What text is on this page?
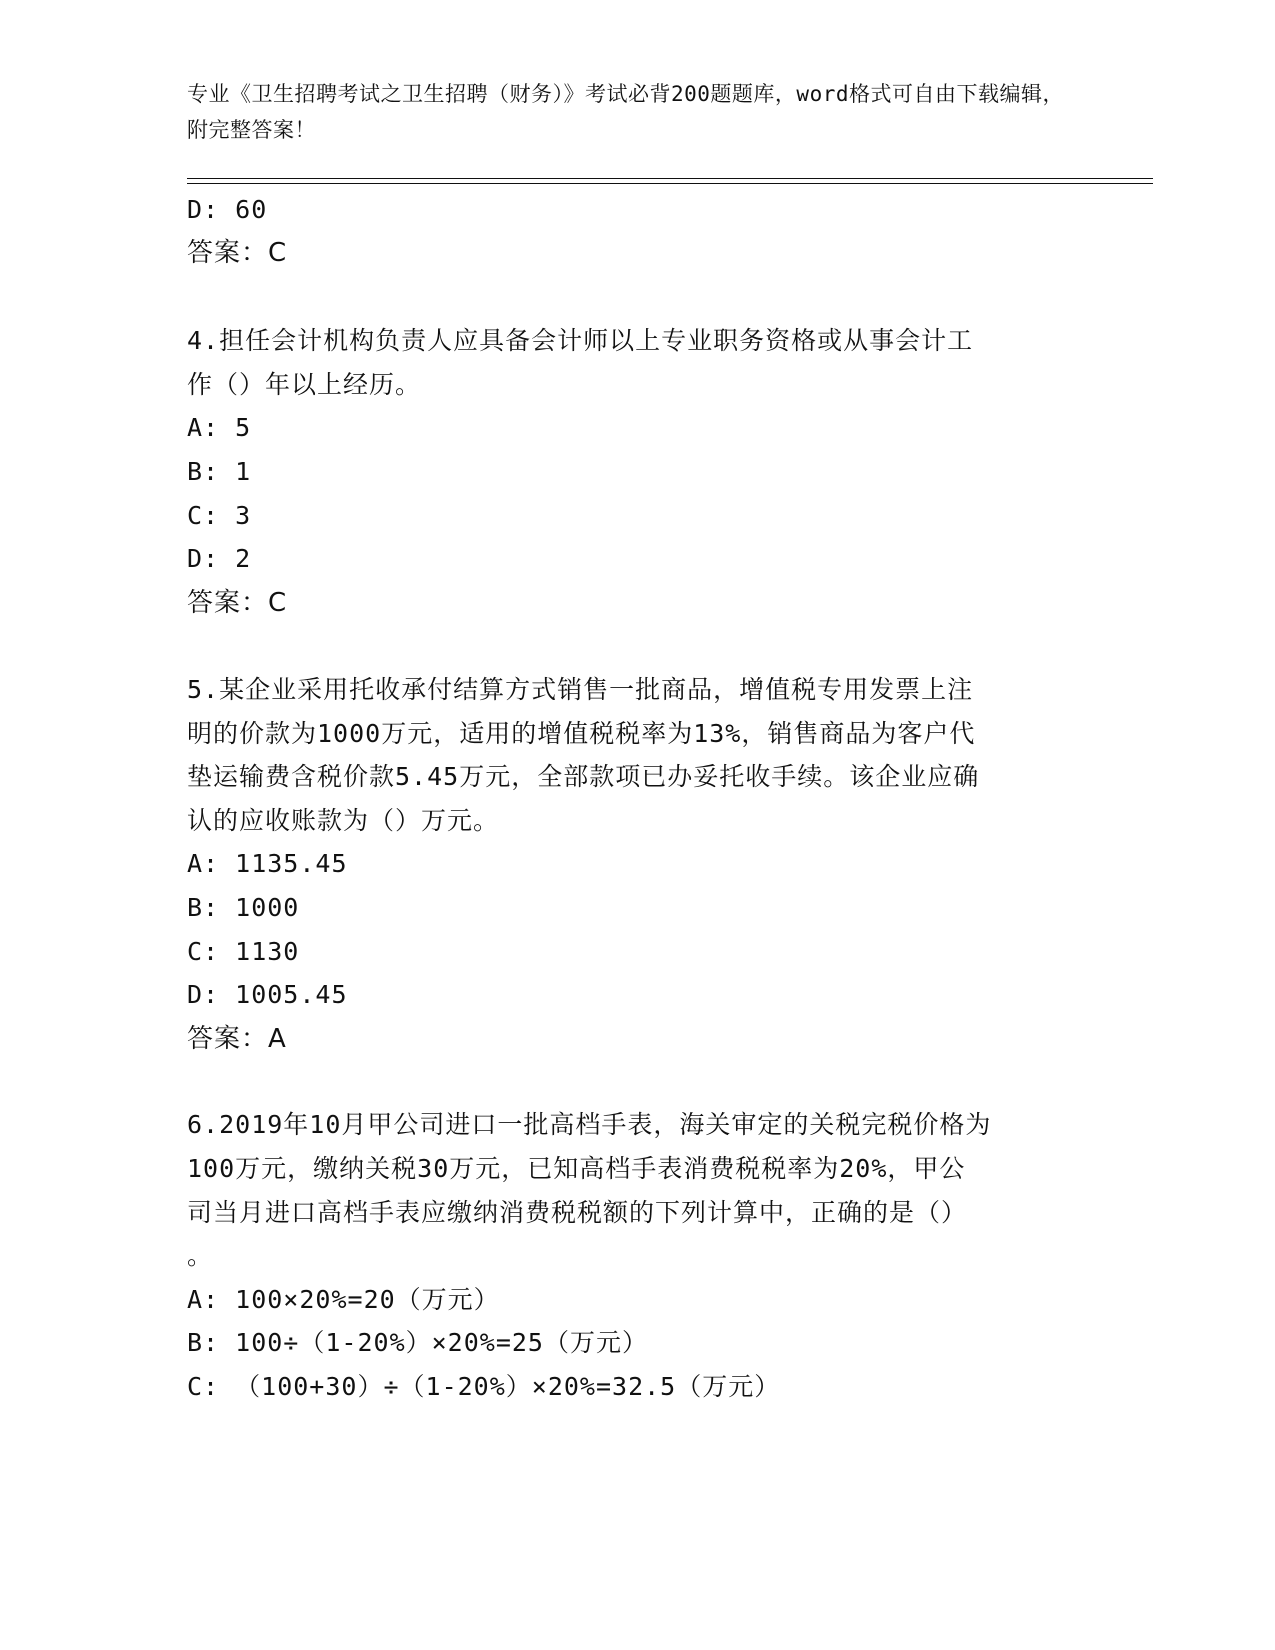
专业《卫生招聘考试之卫生招聘（财务）》考试必背200题题库，word格式可自由下载编辑，附完整答案！
D: 60
答案：C
4.担任会计机构负责人应具备会计师以上专业职务资格或从事会计工
作（）年以上经历。
A: 5
B: 1
C: 3
D: 2
答案：C
5.某企业采用托收承付结算方式销售一批商品，增值税专用发票上注
明的价款为1000万元，适用的增值税税率为13%，销售商品为客户代
垫运输费含税价款5.45万元，全部款项已办妥托收手续。该企业应确
认的应收账款为（）万元。
A: 1135.45
B: 1000
C: 1130
D: 1005.45
答案：A
6.2019年10月甲公司进口一批高档手表，海关审定的关税完税价格为
100万元，缴纳关税30万元，已知高档手表消费税税率为20%，甲公
司当月进口高档手表应缴纳消费税税额的下列计算中，正确的是（）
。
A: 100×20%=20（万元）
B: 100÷（1-20%）×20%=25（万元）
C: （100+30）÷（1-20%）×20%=32.5（万元）
